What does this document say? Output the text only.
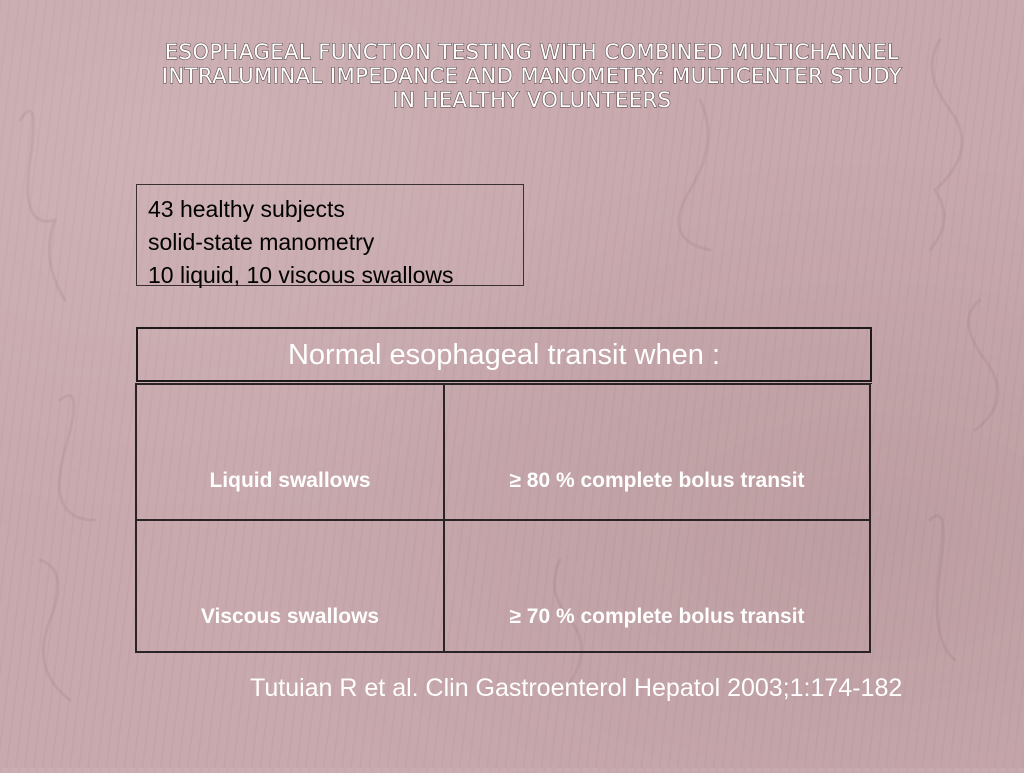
ESOPHAGEAL FUNCTION TESTING WITH COMBINED MULTICHANNEL INTRALUMINAL IMPEDANCE AND MANOMETRY: MULTICENTER STUDY IN HEALTHY VOLUNTEERS
43 healthy subjects
solid-state manometry
10 liquid, 10 viscous swallows
Normal esophageal transit when :
Liquid swallows	≥ 80 % complete bolus transit
Viscous swallows	≥ 70 % complete bolus transit
Tutuian R et al. Clin Gastroenterol Hepatol 2003;1:174-182
